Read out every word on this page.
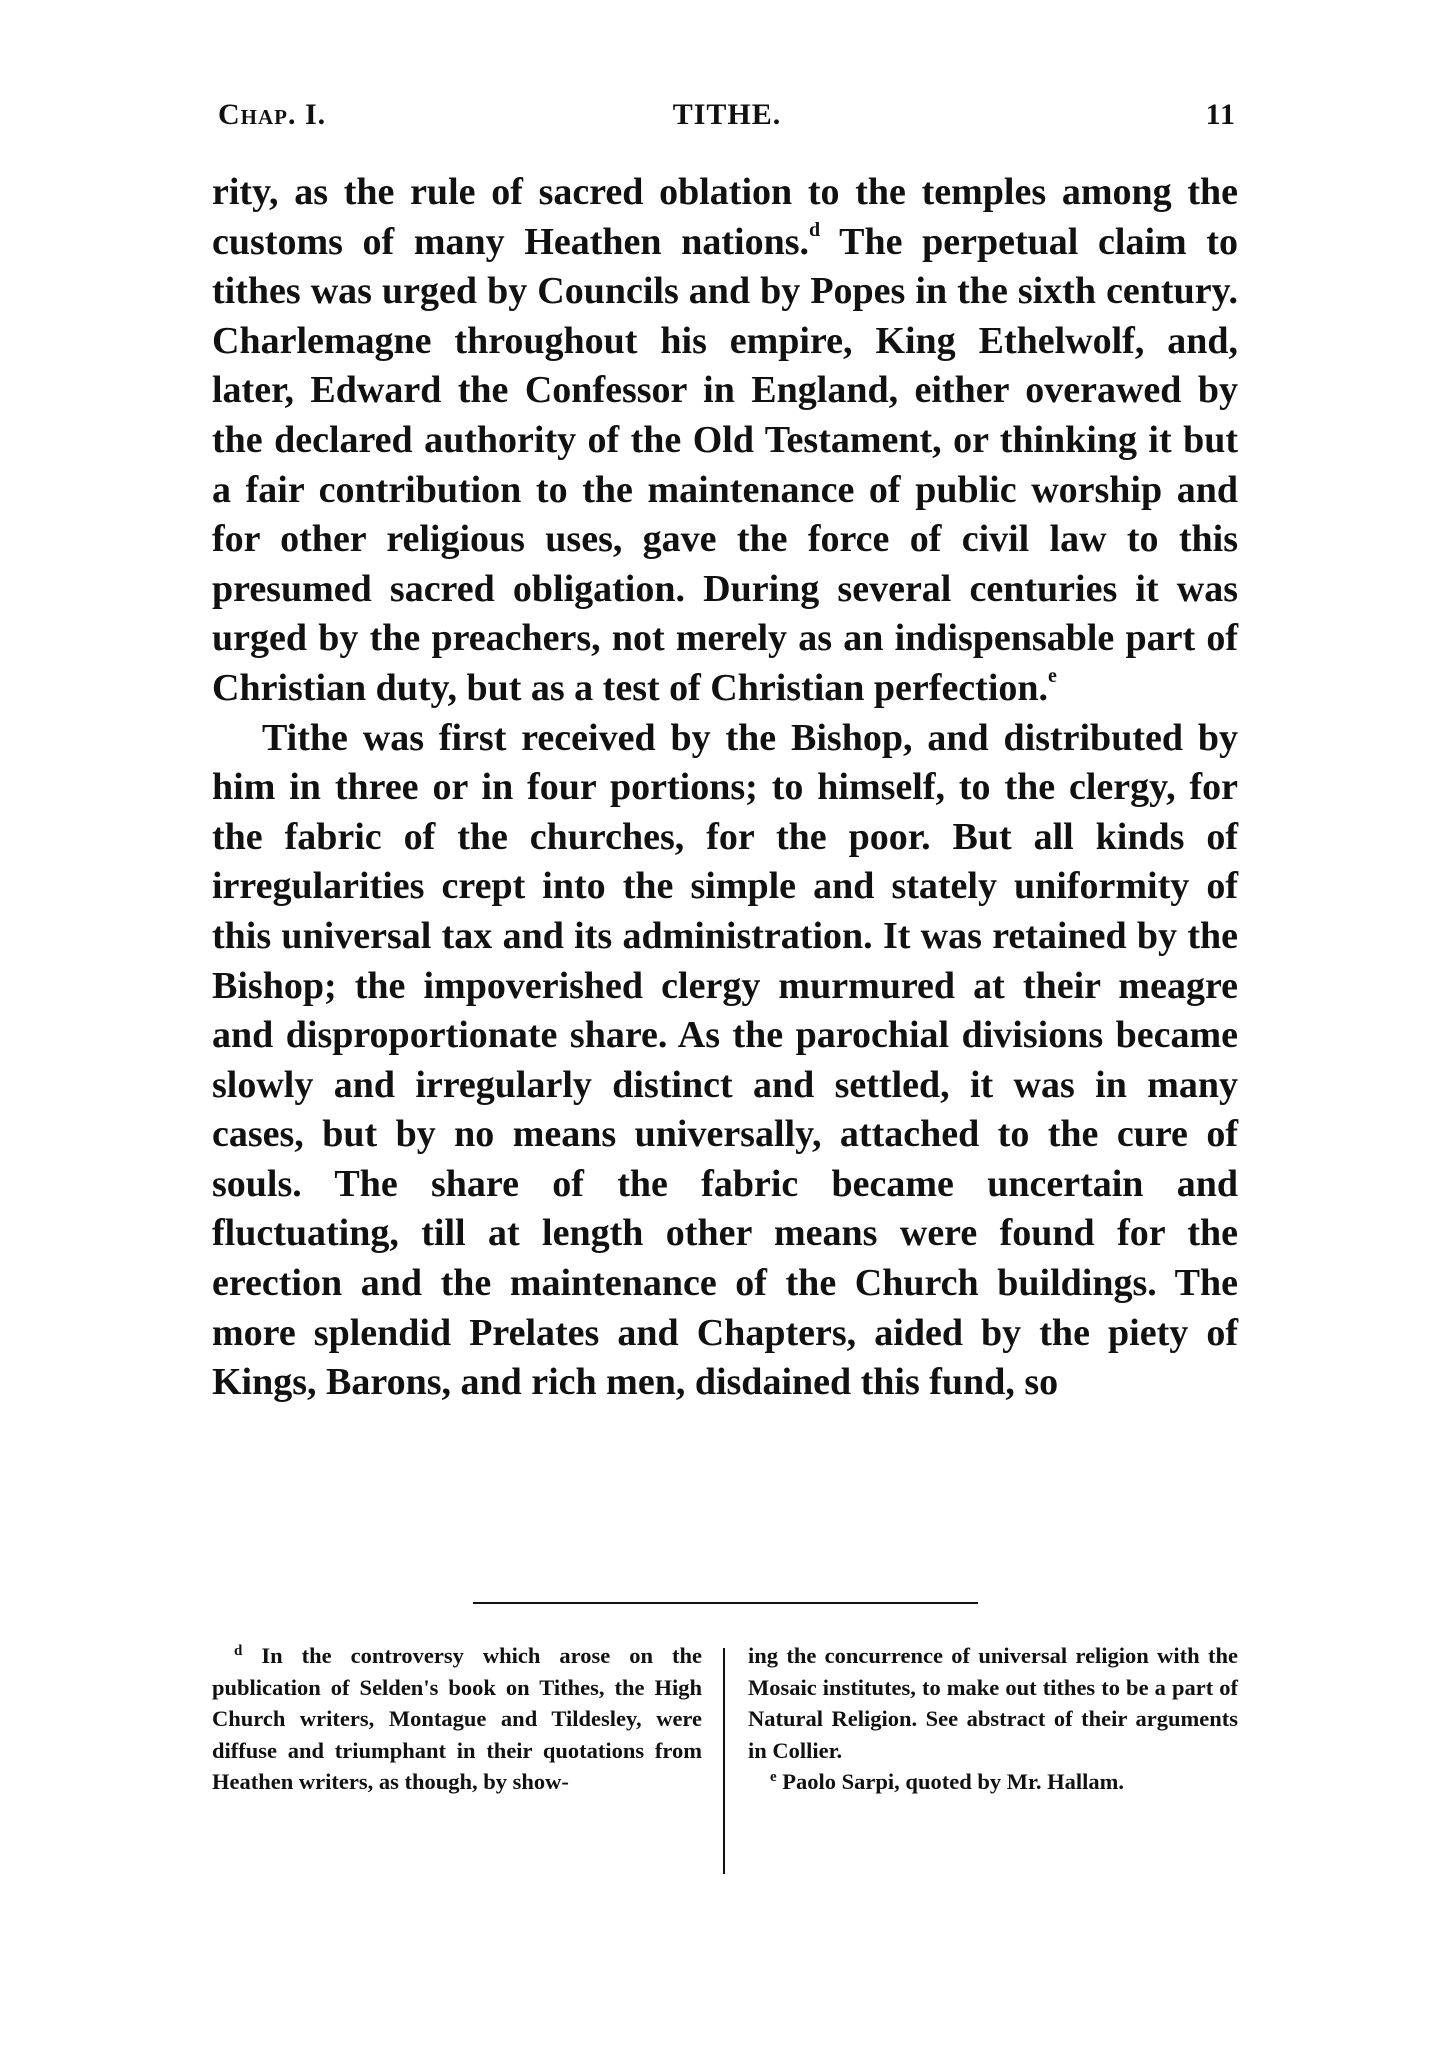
Chap. I.	TITHE.	11

rity, as the rule of sacred oblation to the temples among the customs of many Heathen nations.$^d$ The perpetual claim to tithes was urged by Councils and by Popes in the sixth century. Charlemagne throughout his empire, King Ethelwolf, and, later, Edward the Confessor in England, either overawed by the declared authority of the Old Testament, or thinking it but a fair contribution to the maintenance of public worship and for other religious uses, gave the force of civil law to this presumed sacred obligation. During several centuries it was urged by the preachers, not merely as an indispensable part of Christian duty, but as a test of Christian perfection.$^e$

Tithe was first received by the Bishop, and distributed by him in three or in four portions; to himself, to the clergy, for the fabric of the churches, for the poor. But all kinds of irregularities crept into the simple and stately uniformity of this universal tax and its administration. It was retained by the Bishop; the impoverished clergy murmured at their meagre and disproportionate share. As the parochial divisions became slowly and irregularly distinct and settled, it was in many cases, but by no means universally, attached to the cure of souls. The share of the fabric became uncertain and fluctuating, till at length other means were found for the erection and the maintenance of the Church buildings. The more splendid Prelates and Chapters, aided by the piety of Kings, Barons, and rich men, disdained this fund, so

$^d$ In the controversy which arose on the publication of Selden's book on Tithes, the High Church writers, Montague and Tildesley, were diffuse and triumphant in their quotations from Heathen writers, as though, by show-

ing the concurrence of universal religion with the Mosaic institutes, to make out tithes to be a part of Natural Religion. See abstract of their arguments in Collier.

$^e$ Paolo Sarpi, quoted by Mr. Hallam.
